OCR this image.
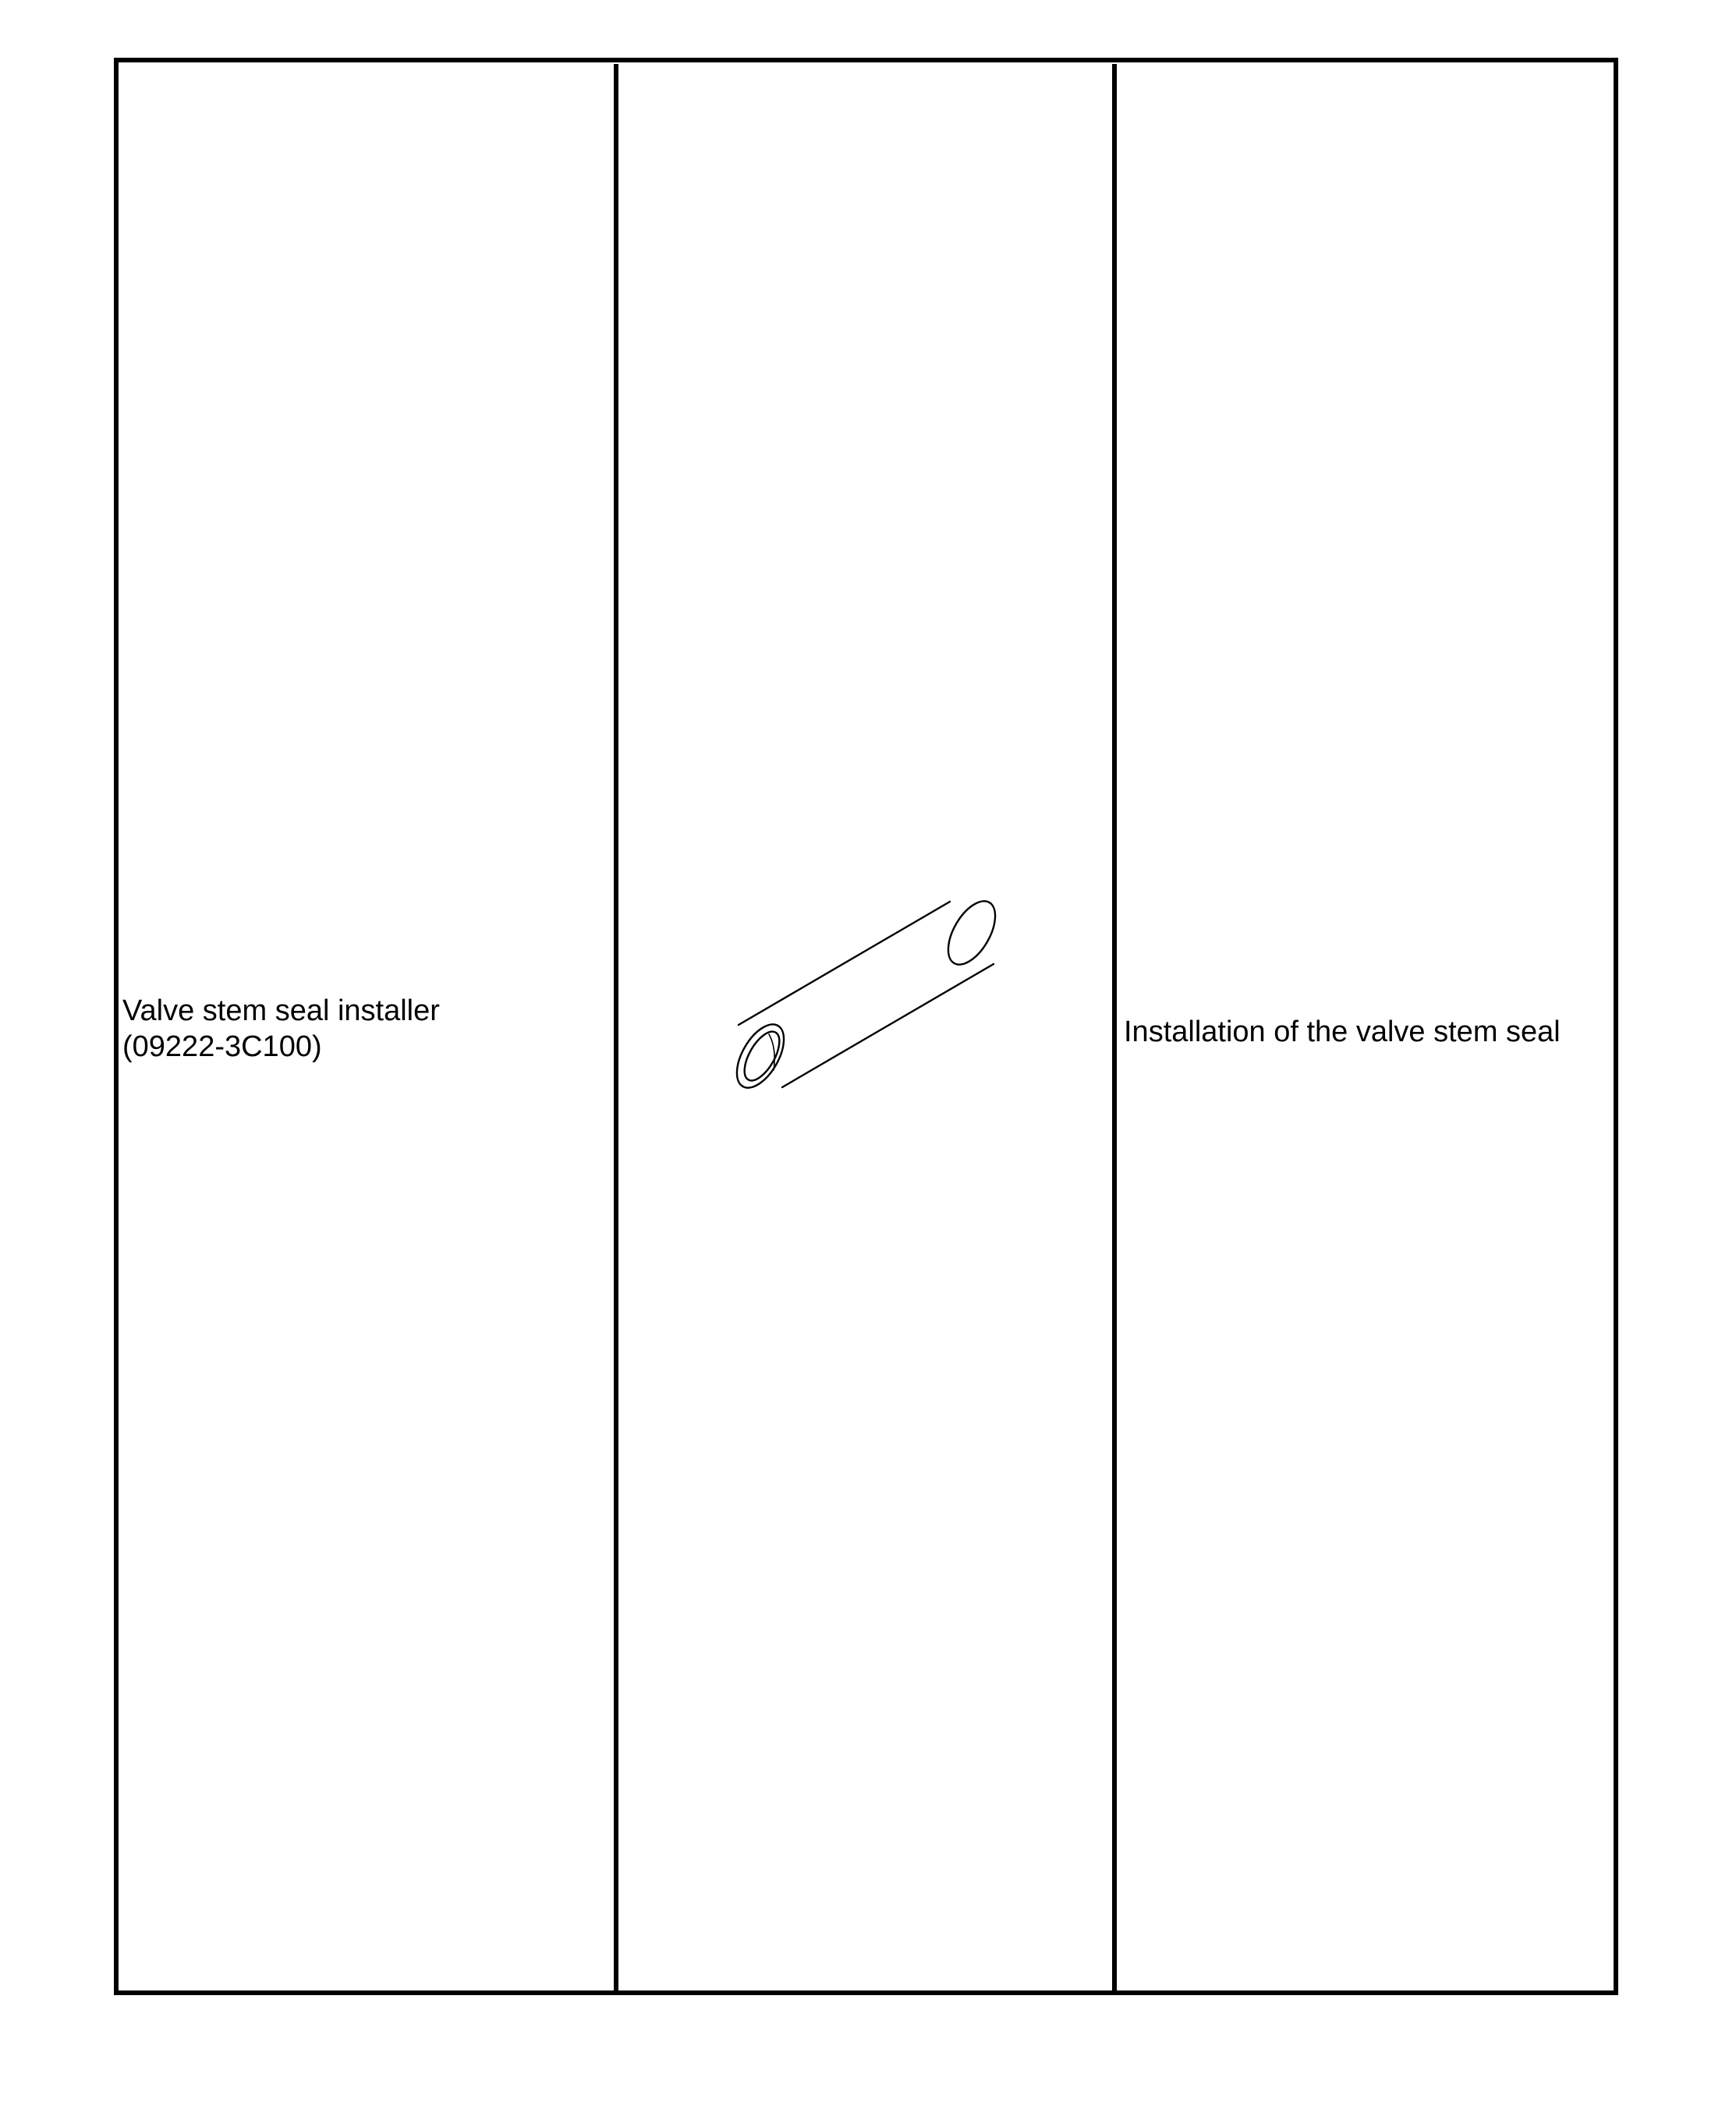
Valve stem seal installer
(09222-3C100)	Installation of the valve stem seal
